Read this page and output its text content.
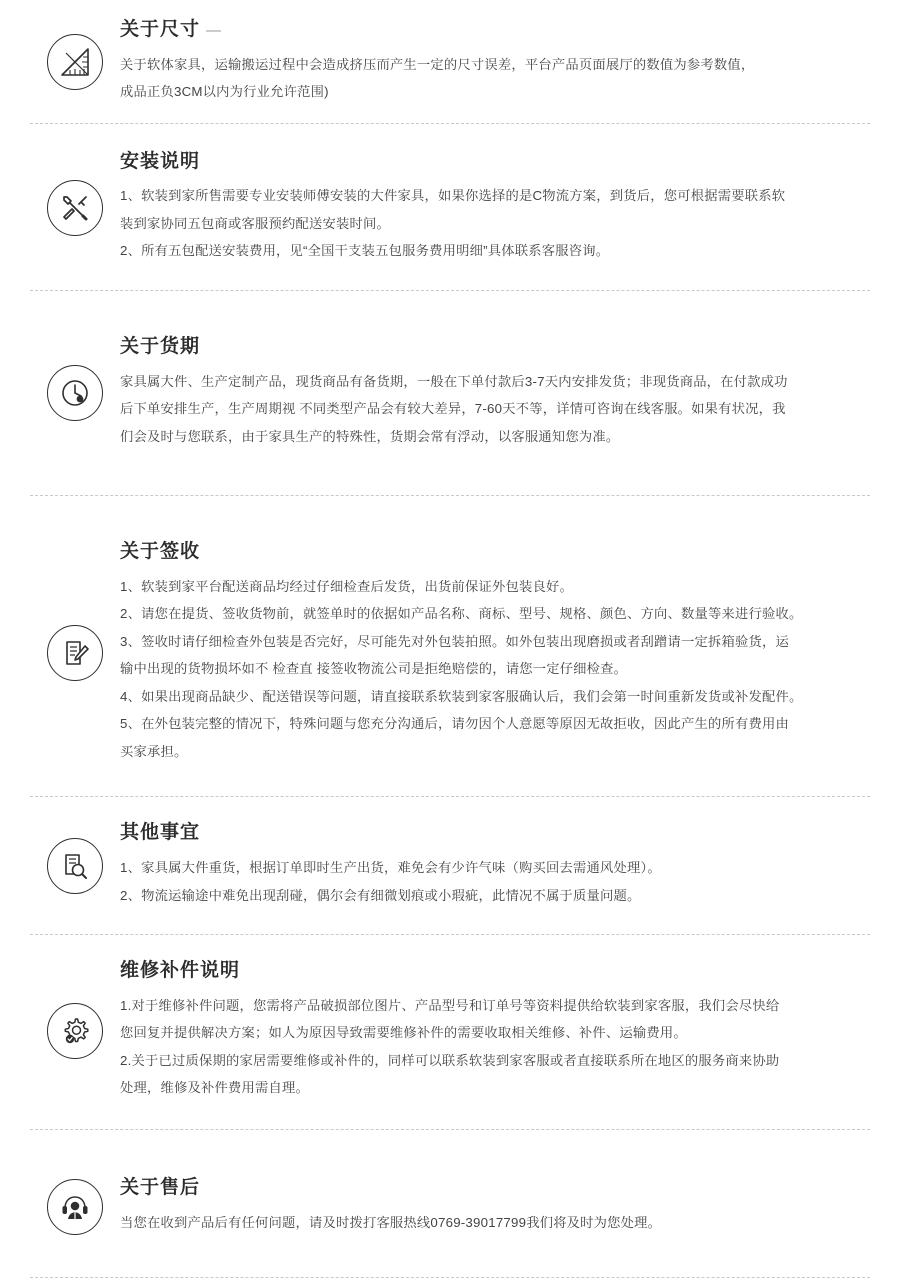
关于尺寸 —

关于软体家具，运输搬运过程中会造成挤压而产生一定的尺寸误差，平台产品页面展厅的数值为参考数值，

成品正负3CM以内为行业允许范围)

安装说明

1、软装到家所售需要专业安装师傅安装的大件家具，如果你选择的是C物流方案，到货后，您可根据需要联系软

装到家协同五包商或客服预约配送安装时间。

2、所有五包配送安装费用，见“全国干支装五包服务费用明细”具体联系客服咨询。

关于货期

家具属大件、生产定制产品，现货商品有备货期，一般在下单付款后3-7天内安排发货；非现货商品，在付款成功

后下单安排生产，生产周期视 不同类型产品会有较大差异，7-60天不等，详情可咨询在线客服。如果有状况，我

们会及时与您联系，由于家具生产的特殊性，货期会常有浮动，以客服通知您为准。

关于签收

1、软装到家平台配送商品均经过仔细检查后发货，出货前保证外包装良好。

2、请您在提货、签收货物前，就签单时的依据如产品名称、商标、型号、规格、颜色、方向、数量等来进行验收。

3、签收时请仔细检查外包装是否完好，尽可能先对外包装拍照。如外包装出现磨损或者刮蹭请一定拆箱验货，运

输中出现的货物损坏如不 检查直 接签收物流公司是拒绝赔偿的，请您一定仔细检查。

4、如果出现商品缺少、配送错误等问题，请直接联系软装到家客服确认后，我们会第一时间重新发货或补发配件。

5、在外包装完整的情况下，特殊问题与您充分沟通后，请勿因个人意愿等原因无故拒收，因此产生的所有费用由

买家承担。

其他事宜

1、家具属大件重货，根据订单即时生产出货，难免会有少许气味（购买回去需通风处理）。

2、物流运输途中难免出现刮碰，偶尔会有细微划痕或小瑕疵，此情况不属于质量问题。

维修补件说明

1.对于维修补件问题，您需将产品破损部位图片、产品型号和订单号等资料提供给软装到家客服，我们会尽快给

您回复并提供解决方案；如人为原因导致需要维修补件的需要收取相关维修、补件、运输费用。

2.关于已过质保期的家居需要维修或补件的，同样可以联系软装到家客服或者直接联系所在地区的服务商来协助

处理，维修及补件费用需自理。

关于售后

当您在收到产品后有任何问题，请及时拨打客服热线0769-39017799我们将及时为您处理。
